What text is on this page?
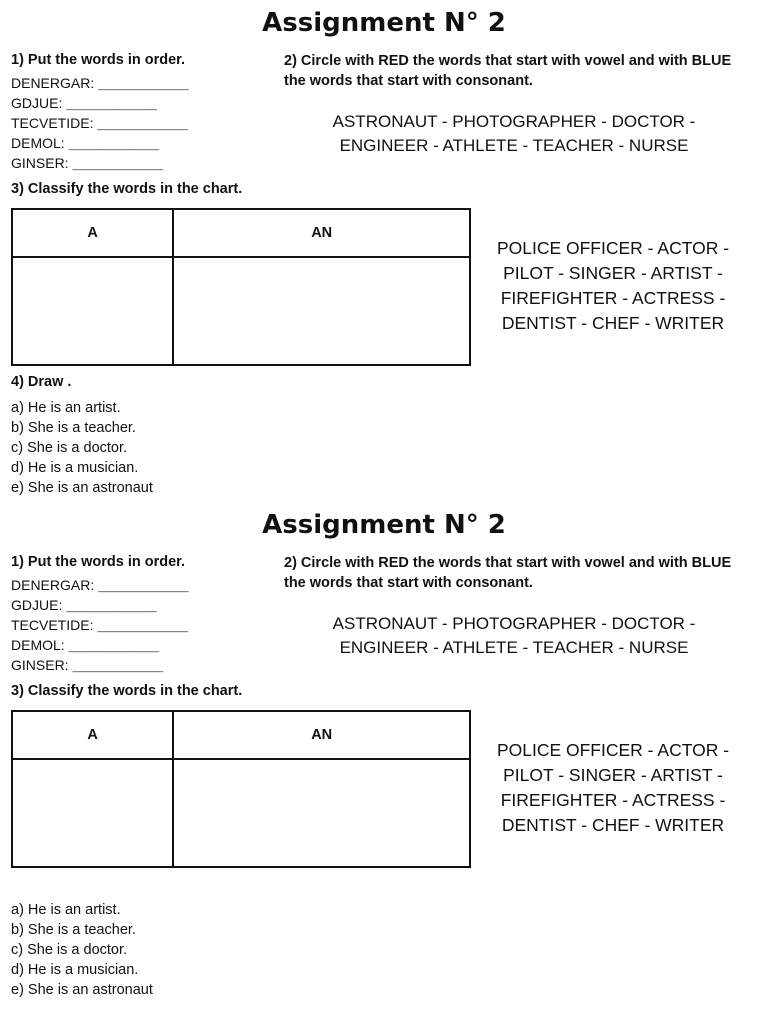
Assignment N° 2
1) Put the words in order.
DENERGAR: ____________________
GDJUE: ____________________
TECVETIDE: ____________________
DEMOL: ____________________
GINSER: ____________________
2) Circle with RED the words that start with vowel and with BLUE the words that start with consonant.
ASTRONAUT - PHOTOGRAPHER - DOCTOR -
ENGINEER - ATHLETE - TEACHER - NURSE
3) Classify the words in the chart.
A	AN

POLICE OFFICER - ACTOR -
PILOT - SINGER - ARTIST -
FIREFIGHTER - ACTRESS -
DENTIST - CHEF - WRITER
4) Draw .
a) He is an artist.
b) She is a teacher.
c) She is a doctor.
d) He is a musician.
e) She is an astronaut
Assignment N° 2
1) Put the words in order.
DENERGAR: ____________________
GDJUE: ____________________
TECVETIDE: ____________________
DEMOL: ____________________
GINSER: ____________________
2) Circle with RED the words that start with vowel and with BLUE the words that start with consonant.
ASTRONAUT - PHOTOGRAPHER - DOCTOR -
ENGINEER - ATHLETE - TEACHER - NURSE
3) Classify the words in the chart.
A	AN

POLICE OFFICER - ACTOR -
PILOT - SINGER - ARTIST -
FIREFIGHTER - ACTRESS -
DENTIST - CHEF - WRITER
a) He is an artist.
b) She is a teacher.
c) She is a doctor.
d) He is a musician.
e) She is an astronaut
